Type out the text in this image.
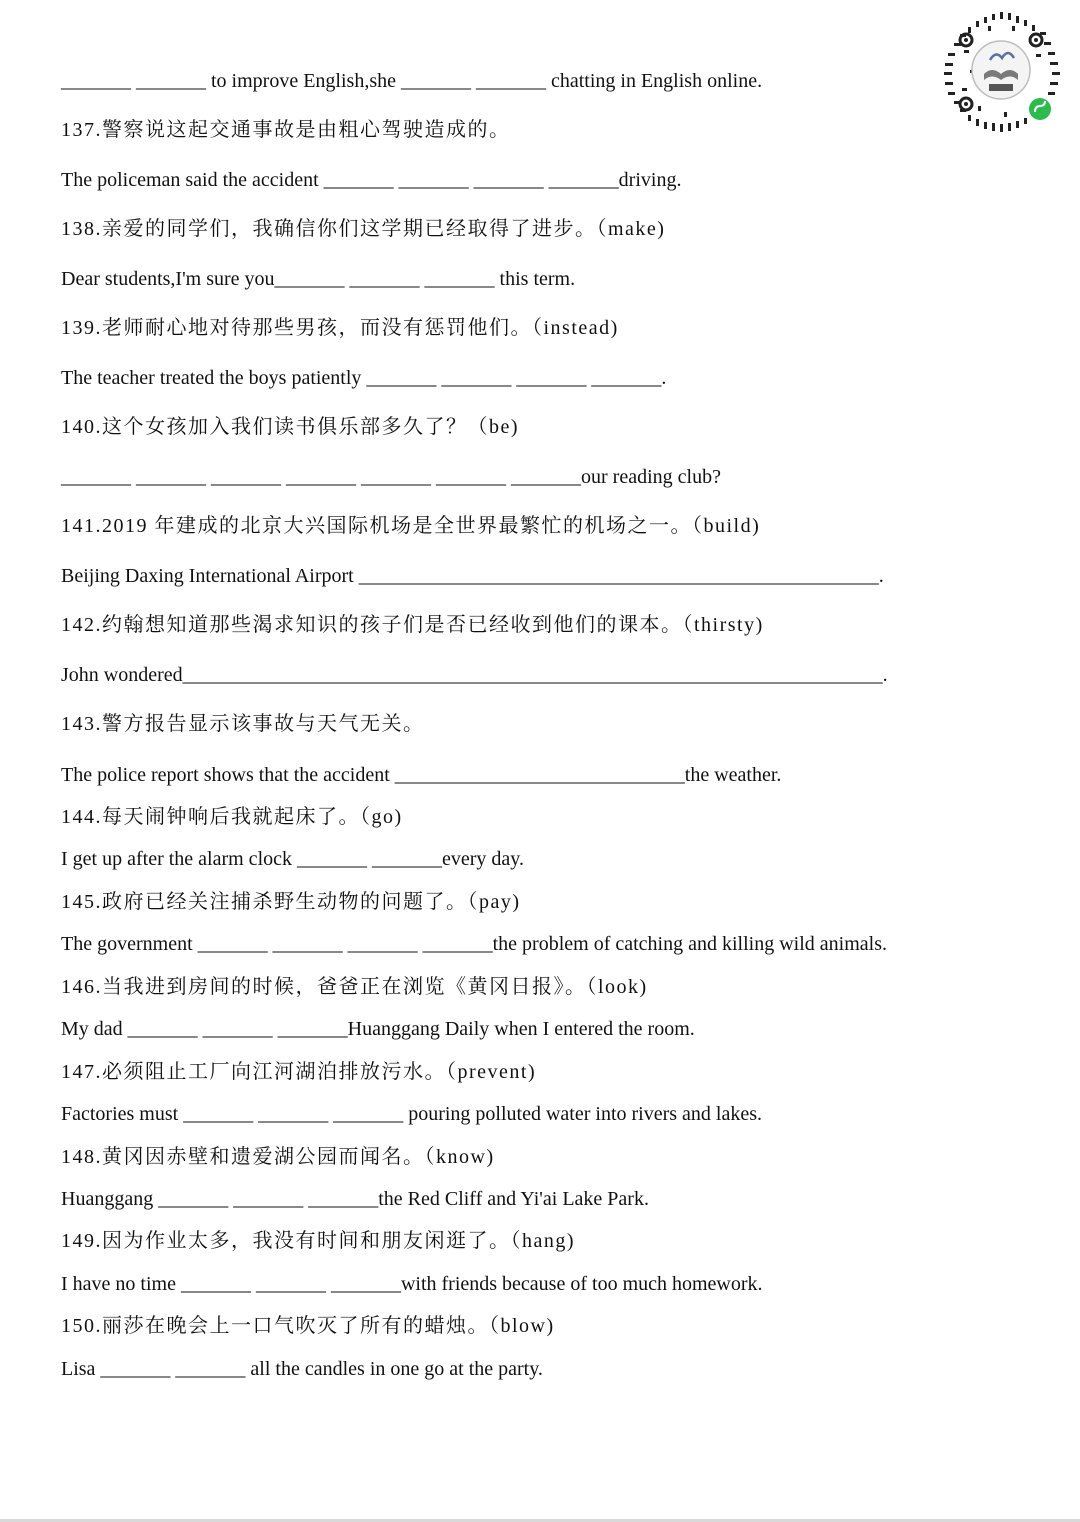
_______ _______ to improve English,she _______ _______ chatting in English online.
137.警察说这起交通事故是由粗心驾驶造成的。
The policeman said the accident _______ _______ _______ _______driving.
138.亲爱的同学们，我确信你们这学期已经取得了进步。（make)
Dear students,I'm sure you_______ _______ _______ this term.
139.老师耐心地对待那些男孩，而没有惩罚他们。（instead)
The teacher treated the boys patiently _______ _______ _______ _______.
140.这个女孩加入我们读书俱乐部多久了？（be)
_______ _______ _______ _______ _______ _______ _______our reading club?
141.2019 年建成的北京大兴国际机场是全世界最繁忙的机场之一。（build)
Beijing Daxing International Airport ____________________________________________________.
142.约翰想知道那些渴求知识的孩子们是否已经收到他们的课本。（thirsty)
John wondered______________________________________________________________________.
143.警方报告显示该事故与天气无关。
The police report shows that the accident _____________________________the weather.
144.每天闹钟响后我就起床了。（go)
I get up after the alarm clock _______ _______every day.
145.政府已经关注捕杀野生动物的问题了。（pay)
The government _______ _______ _______ _______the problem of catching and killing wild animals.
146.当我进到房间的时候，爸爸正在浏览《黄冈日报》。（look)
My dad _______ _______ _______Huanggang Daily when I entered the room.
147.必须阻止工厂向江河湖泊排放污水。（prevent)
Factories must _______ _______ _______ pouring polluted water into rivers and lakes.
148.黄冈因赤壁和遗爱湖公园而闻名。（know)
Huanggang _______ _______ _______the Red Cliff and Yi'ai Lake Park.
149.因为作业太多，我没有时间和朋友闲逛了。（hang)
I have no time _______ _______ _______with friends because of too much homework.
150.丽莎在晚会上一口气吹灭了所有的蜡烛。（blow)
Lisa _______ _______ all the candles in one go at the party.
